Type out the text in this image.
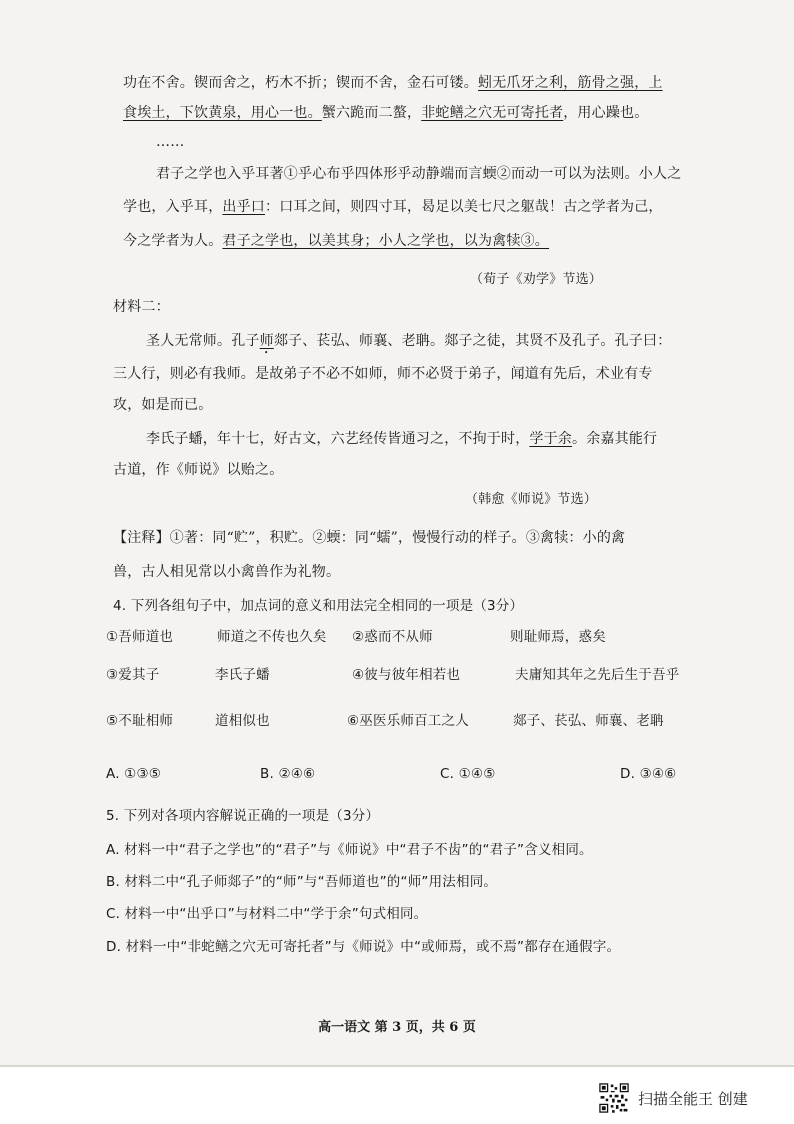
功在不舍。锲而舍之，朽木不折；锲而不舍，金石可镂。蚓无爪牙之利，筋骨之强，上
食埃土，下饮黄泉，用心一也。蟹六跪而二螯，非蛇鳝之穴无可寄托者，用心躁也。
……
君子之学也入乎耳著①乎心布乎四体形乎动静端而言蝡②而动一可以为法则。小人之
学也，入乎耳，出乎口：口耳之间，则四寸耳，曷足以美七尺之躯哉！古之学者为己，
今之学者为人。君子之学也，以美其身；小人之学也，以为禽犊③。
（荀子《劝学》节选）
材料二：
圣人无常师。孔子师郯子、苌弘、师襄、老聃。郯子之徒，其贤不及孔子。孔子曰：
三人行，则必有我师。是故弟子不必不如师，师不必贤于弟子，闻道有先后，术业有专
攻，如是而已。
李氏子蟠，年十七，好古文，六艺经传皆通习之，不拘于时，学于余。余嘉其能行
古道，作《师说》以贻之。
（韩愈《师说》节选）
【注释】①著：同“贮”，积贮。②蝡：同“蠕”，慢慢行动的样子。③禽犊：小的禽
兽，古人相见常以小禽兽作为礼物。
4. 下列各组句子中，加点词的意义和用法完全相同的一项是（3分）
①吾师道也	师道之不传也久矣 ②惑而不从师	则耻师焉，惑矣
③爱其子	李氏子蟠	④彼与彼年相若也	夫庸知其年之先后生于吾乎
⑤不耻相师	道相似也	⑥巫医乐师百工之人	郯子、苌弘、师襄、老聃
A. ①③⑤	B. ②④⑥	C. ①④⑤	D. ③④⑥
5. 下列对各项内容解说正确的一项是（3分）
A. 材料一中“君子之学也”的“君子”与《师说》中“君子不齿”的“君子”含义相同。
B. 材料二中“孔子师郯子”的“师”与“吾师道也”的“师”用法相同。
C. 材料一中“出乎口”与材料二中“学于余”句式相同。
D. 材料一中“非蛇鳝之穴无可寄托者”与《师说》中“或师焉，或不焉”都存在通假字。
高一语文 第 3 页，共 6 页
扫描全能王 创建
